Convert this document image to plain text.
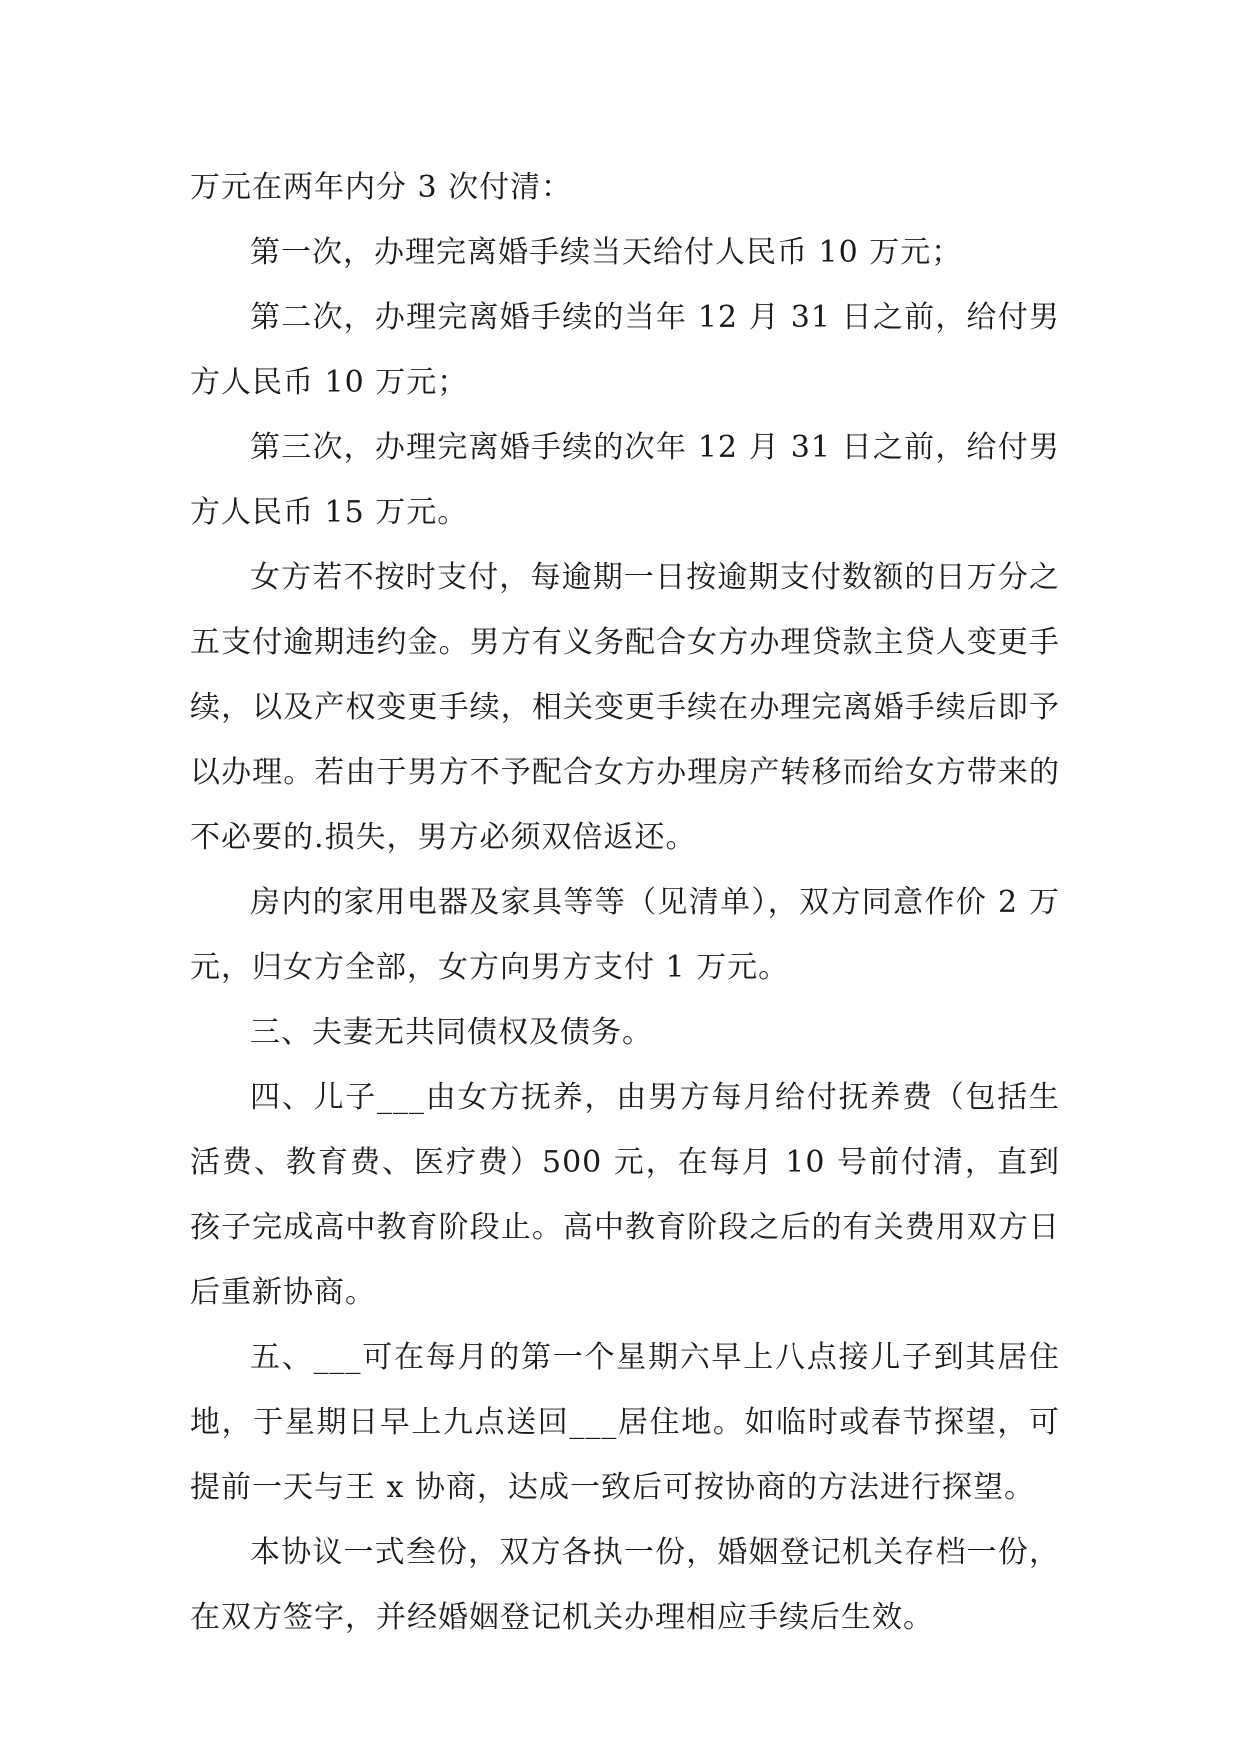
万元在两年内分 3 次付清：

第一次，办理完离婚手续当天给付人民币 10 万元；

第二次，办理完离婚手续的当年 12 月 31 日之前，给付男方人民币 10 万元；

第三次，办理完离婚手续的次年 12 月 31 日之前，给付男方人民币 15 万元。

女方若不按时支付，每逾期一日按逾期支付数额的日万分之五支付逾期违约金。男方有义务配合女方办理贷款主贷人变更手续，以及产权变更手续，相关变更手续在办理完离婚手续后即予以办理。若由于男方不予配合女方办理房产转移而给女方带来的不必要的.损失，男方必须双倍返还。

房内的家用电器及家具等等（见清单），双方同意作价 2 万元，归女方全部，女方向男方支付 1 万元。

三、夫妻无共同债权及债务。

四、儿子___由女方抚养，由男方每月给付抚养费（包括生活费、教育费、医疗费）500 元，在每月 10 号前付清，直到孩子完成高中教育阶段止。高中教育阶段之后的有关费用双方日后重新协商。

五、___可在每月的第一个星期六早上八点接儿子到其居住地，于星期日早上九点送回___居住地。如临时或春节探望，可提前一天与王 x 协商，达成一致后可按协商的方法进行探望。

本协议一式叁份，双方各执一份，婚姻登记机关存档一份，在双方签字，并经婚姻登记机关办理相应手续后生效。
